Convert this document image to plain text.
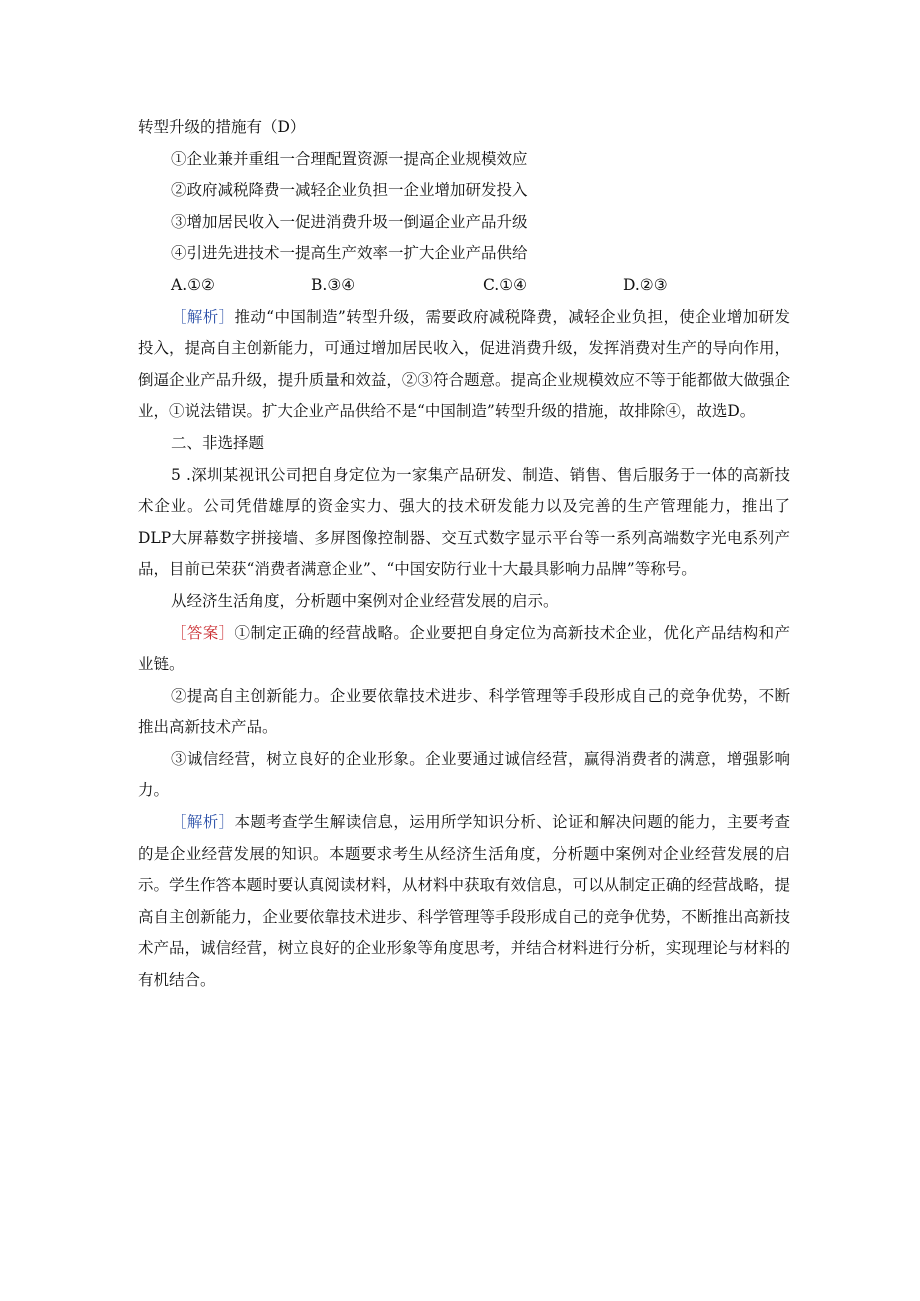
转型升级的措施有（D）
①企业兼并重组一合理配置资源一提高企业规模效应
②政府减税降费一减轻企业负担一企业增加研发投入
③增加居民收入一促进消费升圾一倒逼企业产品升级
④引进先进技术一提高生产效率一扩大企业产品供给
A.①②	B.③④	C.①④	D.②③
［解析］推动“中国制造”转型升级，需要政府减税降费，减轻企业负担，使企业增加研发投入，提高自主创新能力，可通过增加居民收入，促进消费升级，发挥消费对生产的导向作用，倒逼企业产品升级，提升质量和效益，②③符合题意。提高企业规模效应不等于能都做大做强企业，①说法错误。扩大企业产品供给不是“中国制造”转型升级的措施，故排除④，故选D。
二、非选择题
5 .深圳某视讯公司把自身定位为一家集产品研发、制造、销售、售后服务于一体的高新技术企业。公司凭借雄厚的资金实力、强大的技术研发能力以及完善的生产管理能力，推出了DLP大屏幕数字拼接墙、多屏图像控制器、交互式数字显示平台等一系列高端数字光电系列产品，目前已荣获“消费者满意企业”、“中国安防行业十大最具影响力品牌”等称号。
从经济生活角度，分析题中案例对企业经营发展的启示。
［答案］①制定正确的经营战略。企业要把自身定位为高新技术企业，优化产品结构和产业链。
②提高自主创新能力。企业要依靠技术进步、科学管理等手段形成自己的竞争优势，不断推出高新技术产品。
③诚信经营，树立良好的企业形象。企业要通过诚信经营，赢得消费者的满意，增强影响力。
［解析］本题考查学生解读信息，运用所学知识分析、论证和解决问题的能力，主要考查的是企业经营发展的知识。本题要求考生从经济生活角度，分析题中案例对企业经营发展的启示。学生作答本题时要认真阅读材料，从材料中获取有效信息，可以从制定正确的经营战略，提高自主创新能力，企业要依靠技术进步、科学管理等手段形成自己的竞争优势，不断推出高新技术产品，诚信经营，树立良好的企业形象等角度思考，并结合材料进行分析，实现理论与材料的有机结合。
